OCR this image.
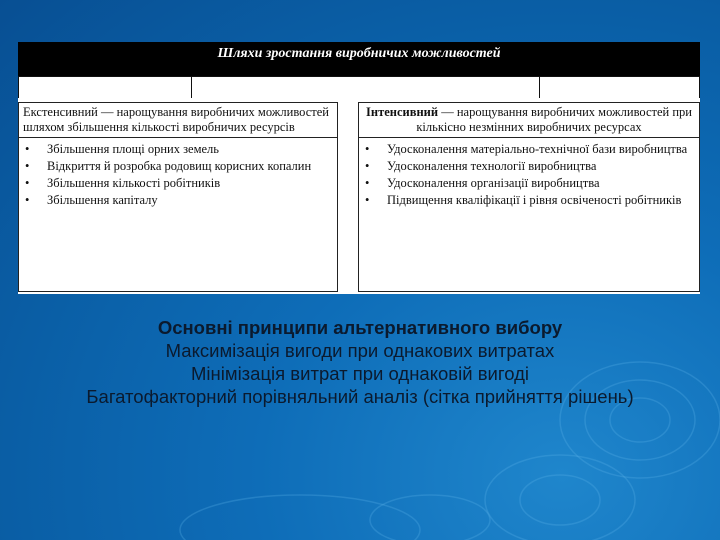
Шляхи зростання виробничих можливостей
Екстенсивний — нарощування виробничих можливостей шляхом збільшення кількості виробничих ресурсів
• Збільшення площі орних земель
• Відкриття й розробка родовищ корисних копалин
• Збільшення кількості робітників
• Збільшення капіталу
Інтенсивний — нарощування виробничих можливостей при кількісно незмінних виробничих ресурсах
• Удосконалення матеріально-технічної бази виробництва
• Удосконалення технології виробництва
• Удосконалення організації виробництва
• Підвищення кваліфікації і рівня освіченості робітників
Основні принципи альтернативного вибору
Максимізація вигоди при однакових витратах
Мінімізація витрат при однаковій вигоді
Багатофакторний порівняльний аналіз (сітка прийняття рішень)
